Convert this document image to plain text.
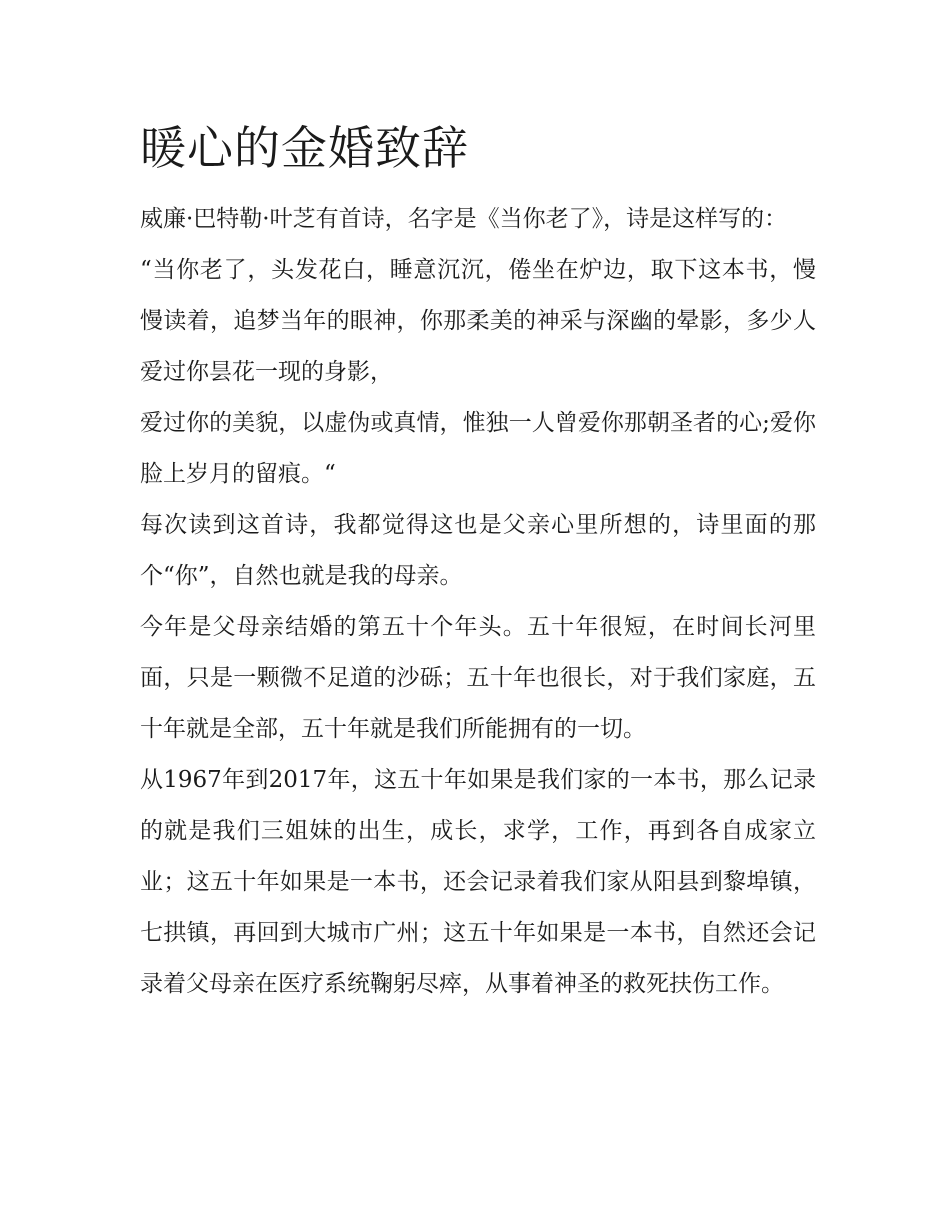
暖心的金婚致辞

威廉·巴特勒·叶芝有首诗，名字是《当你老了》，诗是这样写的：

“当你老了，头发花白，睡意沉沉，倦坐在炉边，取下这本书，慢慢读着，追梦当年的眼神，你那柔美的神采与深幽的晕影，多少人爱过你昙花一现的身影，

爱过你的美貌，以虚伪或真情，惟独一人曾爱你那朝圣者的心;爱你脸上岁月的留痕。“

每次读到这首诗，我都觉得这也是父亲心里所想的，诗里面的那个“你”，自然也就是我的母亲。

今年是父母亲结婚的第五十个年头。五十年很短，在时间长河里面，只是一颗微不足道的沙砾；五十年也很长，对于我们家庭，五十年就是全部，五十年就是我们所能拥有的一切。

从1967年到2017年，这五十年如果是我们家的一本书，那么记录的就是我们三姐妹的出生，成长，求学，工作，再到各自成家立业；这五十年如果是一本书，还会记录着我们家从阳县到黎埠镇，七拱镇，再回到大城市广州；这五十年如果是一本书，自然还会记录着父母亲在医疗系统鞠躬尽瘁，从事着神圣的救死扶伤工作。
